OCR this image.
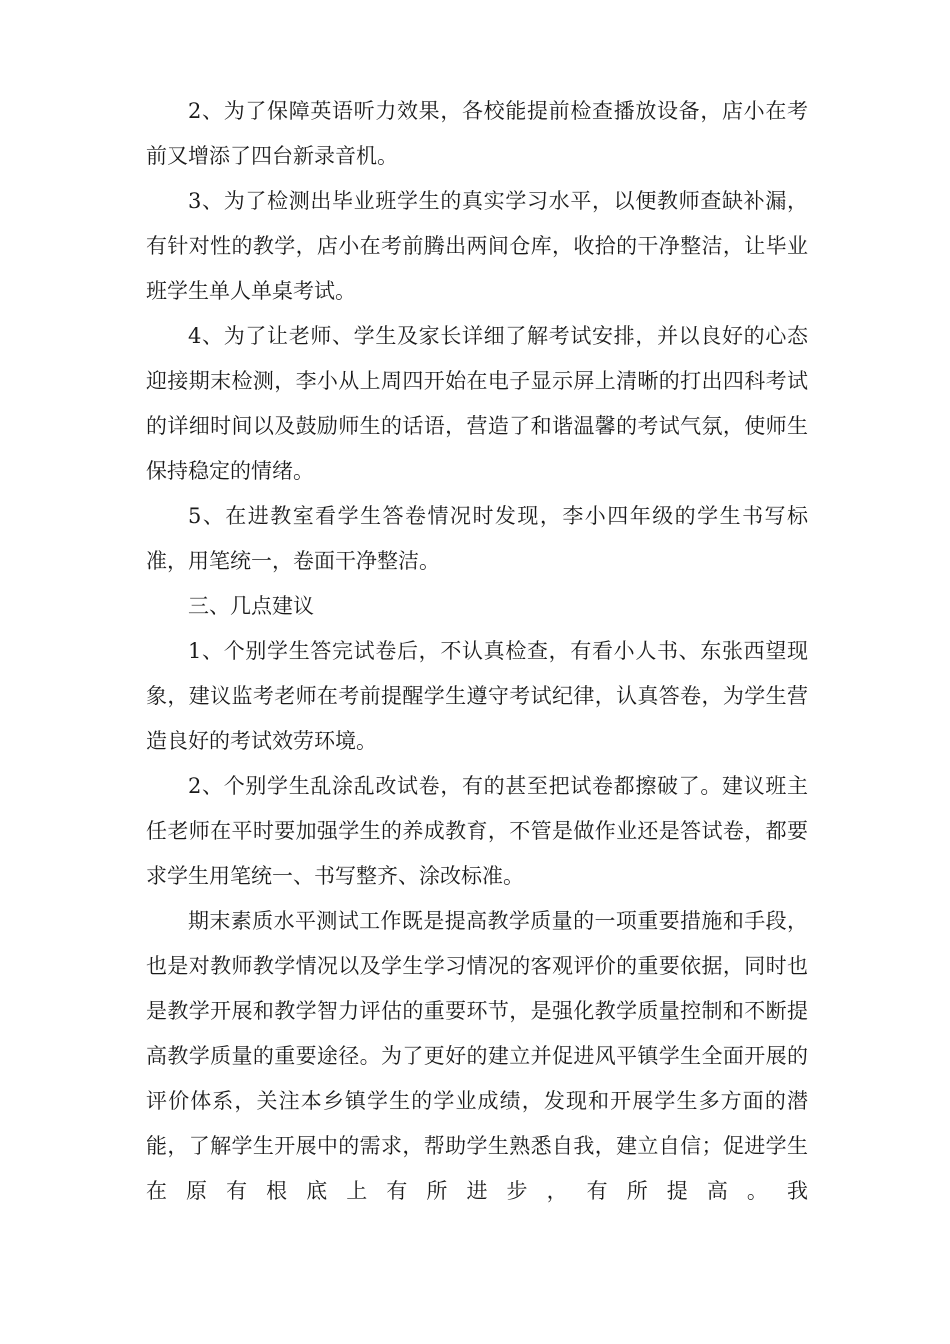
2、为了保障英语听力效果，各校能提前检查播放设备，店小在考前又增添了四台新录音机。

3、为了检测出毕业班学生的真实学习水平，以便教师查缺补漏，有针对性的教学，店小在考前腾出两间仓库，收拾的干净整洁，让毕业班学生单人单桌考试。

4、为了让老师、学生及家长详细了解考试安排，并以良好的心态迎接期末检测，李小从上周四开始在电子显示屏上清晰的打出四科考试的详细时间以及鼓励师生的话语，营造了和谐温馨的考试气氛，使师生保持稳定的情绪。

5、在进教室看学生答卷情况时发现，李小四年级的学生书写标准，用笔统一，卷面干净整洁。

三、几点建议

1、个别学生答完试卷后，不认真检查，有看小人书、东张西望现象，建议监考老师在考前提醒学生遵守考试纪律，认真答卷，为学生营造良好的考试效劳环境。

2、个别学生乱涂乱改试卷，有的甚至把试卷都擦破了。建议班主任老师在平时要加强学生的养成教育，不管是做作业还是答试卷，都要求学生用笔统一、书写整齐、涂改标准。

期末素质水平测试工作既是提高教学质量的一项重要措施和手段，也是对教师教学情况以及学生学习情况的客观评价的重要依据，同时也是教学开展和教学智力评估的重要环节，是强化教学质量控制和不断提高教学质量的重要途径。为了更好的建立并促进风平镇学生全面开展的评价体系，关注本乡镇学生的学业成绩，发现和开展学生多方面的潜能，了解学生开展中的需求，帮助学生熟悉自我，建立自信；促进学生在原有根底上有所进步，有所提高。我
